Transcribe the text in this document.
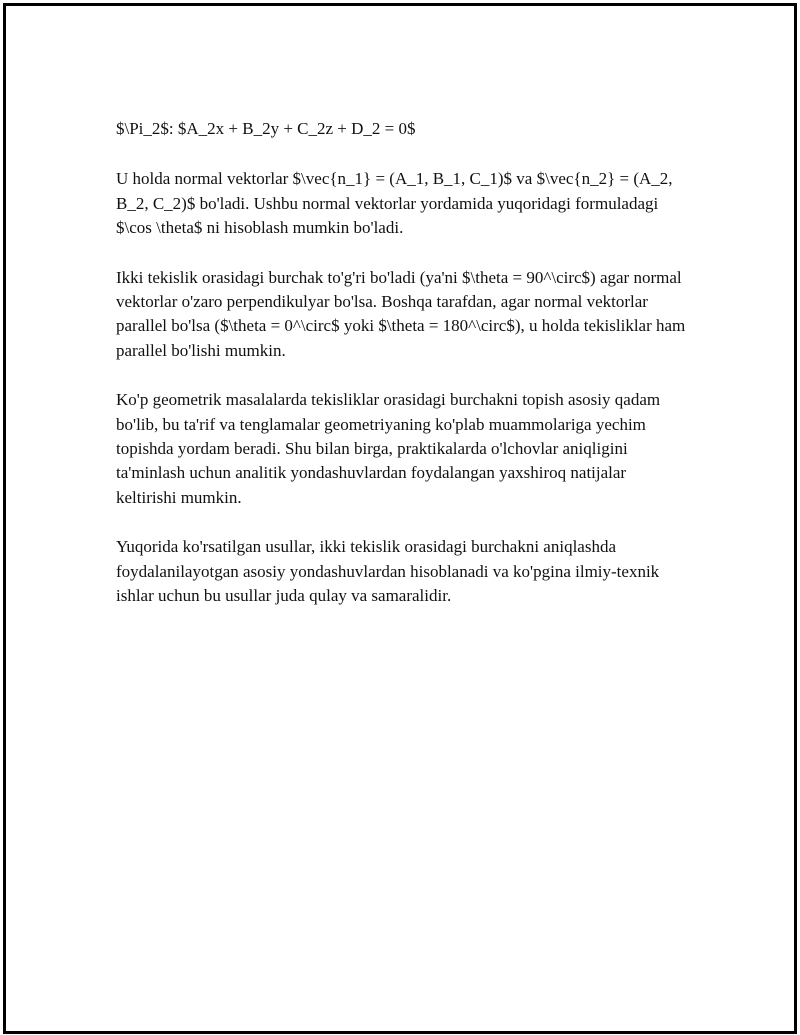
$\Pi_2$: $A_2x + B_2y + C_2z + D_2 = 0$

U holda normal vektorlar $\vec{n_1} = (A_1, B_1, C_1)$ va $\vec{n_2} = (A_2, B_2, C_2)$ bo'ladi. Ushbu normal vektorlar yordamida yuqoridagi formuladagi $\cos \theta$ ni hisoblash mumkin bo'ladi.

Ikki tekislik orasidagi burchak to'g'ri bo'ladi (ya'ni $\theta = 90^\circ$) agar normal vektorlar o'zaro perpendikulyar bo'lsa. Boshqa tarafdan, agar normal vektorlar parallel bo'lsa ($\theta = 0^\circ$ yoki $\theta = 180^\circ$), u holda tekisliklar ham parallel bo'lishi mumkin.

Ko'p geometrik masalalarda tekisliklar orasidagi burchakni topish asosiy qadam bo'lib, bu ta'rif va tenglamalar geometriyaning ko'plab muammolariga yechim topishda yordam beradi. Shu bilan birga, praktikalarda o'lchovlar aniqligini ta'minlash uchun analitik yondashuvlardan foydalangan yaxshiroq natijalar keltirishi mumkin.

Yuqorida ko'rsatilgan usullar, ikki tekislik orasidagi burchakni aniqlashda foydalanilayotgan asosiy yondashuvlardan hisoblanadi va ko'pgina ilmiy-texnik ishlar uchun bu usullar juda qulay va samaralidir.
